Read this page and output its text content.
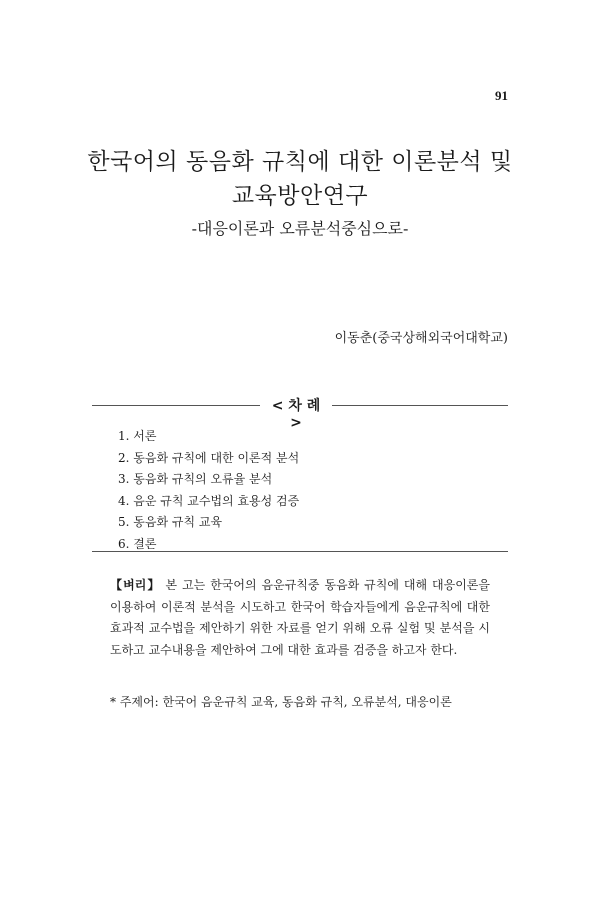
91
한국어의 동음화 규칙에 대한 이론분석 및
교육방안연구
-대응이론과 오류분석중심으로-
이동춘(중국상해외국어대학교)
< 차 례 >
1. 서론
2. 동음화 규칙에 대한 이론적 분석
3. 동음화 규칙의 오류율 분석
4. 음운 규칙 교수법의 효용성 검증
5. 동음화 규칙 교육
6. 결론

【벼리】 본 고는 한국어의 음운규칙중 동음화 규칙에 대해 대응이론을 이용하여 이론적 분석을 시도하고 한국어 학습자들에게 음운규칙에 대한 효과적 교수법을 제안하기 위한 자료를 얻기 위해 오류 실험 및 분석을 시도하고 교수내용을 제안하여 그에 대한 효과를 검증을 하고자 한다.

* 주제어: 한국어 음운규칙 교육, 동음화 규칙, 오류분석, 대응이론
